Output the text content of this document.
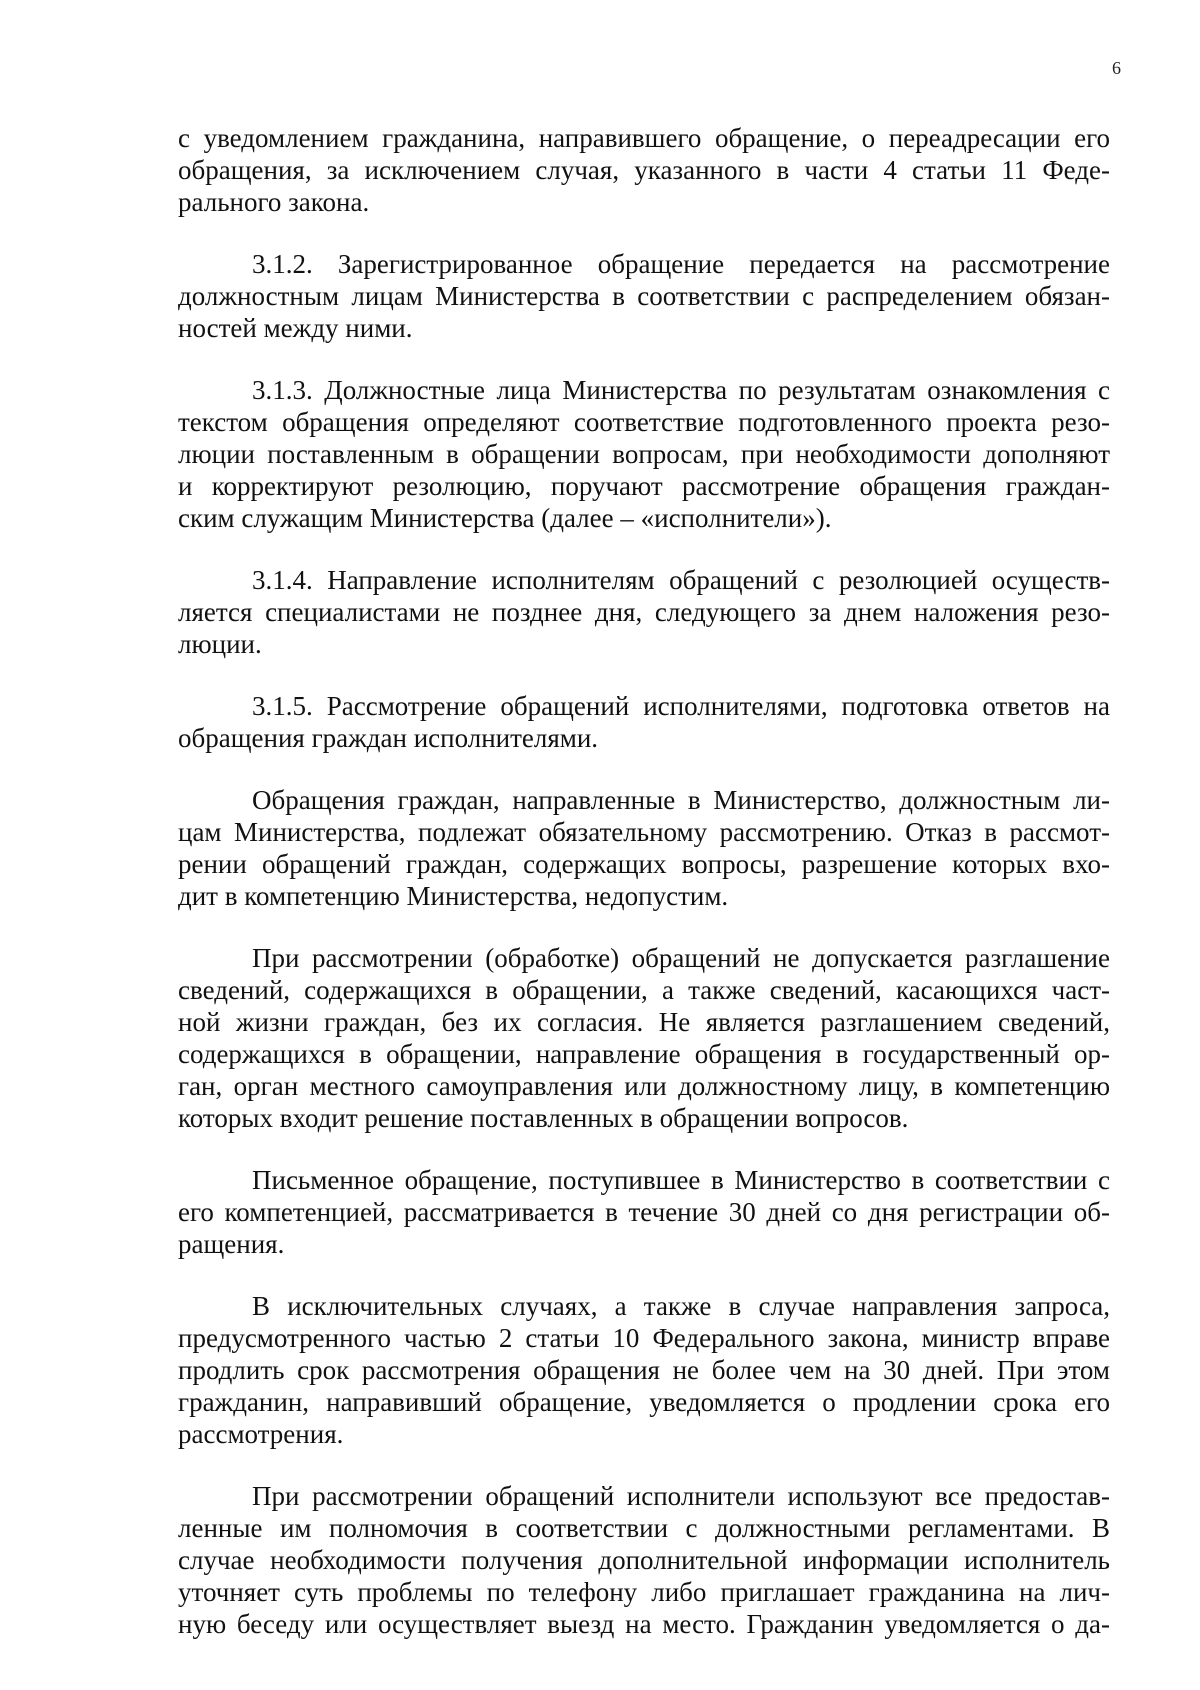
6
с уведомлением гражданина, направившего обращение, о переадресации его
обращения, за исключением случая, указанного в части 4 статьи 11 Феде-
рального закона.
3.1.2. Зарегистрированное обращение передается на рассмотрение
должностным лицам Министерства в соответствии с распределением обязан-
ностей между ними.
3.1.3. Должностные лица Министерства по результатам ознакомления с
текстом обращения определяют соответствие подготовленного проекта резо-
люции поставленным в обращении вопросам, при необходимости дополняют
и корректируют резолюцию, поручают рассмотрение обращения граждан-
ским служащим Министерства (далее – «исполнители»).
3.1.4. Направление исполнителям обращений с резолюцией осуществ-
ляется специалистами не позднее дня, следующего за днем наложения резо-
люции.
3.1.5. Рассмотрение обращений исполнителями, подготовка ответов на
обращения граждан исполнителями.
Обращения граждан, направленные в Министерство, должностным ли-
цам Министерства, подлежат обязательному рассмотрению. Отказ в рассмот-
рении обращений граждан, содержащих вопросы, разрешение которых вхо-
дит в компетенцию Министерства, недопустим.
При рассмотрении (обработке) обращений не допускается разглашение
сведений, содержащихся в обращении, а также сведений, касающихся част-
ной жизни граждан, без их согласия. Не является разглашением сведений,
содержащихся в обращении, направление обращения в государственный ор-
ган, орган местного самоуправления или должностному лицу, в компетенцию
которых входит решение поставленных в обращении вопросов.
Письменное обращение, поступившее в Министерство в соответствии с
его компетенцией, рассматривается в течение 30 дней со дня регистрации об-
ращения.
В исключительных случаях, а также в случае направления запроса,
предусмотренного частью 2 статьи 10 Федерального закона, министр вправе
продлить срок рассмотрения обращения не более чем на 30 дней. При этом
гражданин, направивший обращение, уведомляется о продлении срока его
рассмотрения.
При рассмотрении обращений исполнители используют все предостав-
ленные им полномочия в соответствии с должностными регламентами. В
случае необходимости получения дополнительной информации исполнитель
уточняет суть проблемы по телефону либо приглашает гражданина на лич-
ную беседу или осуществляет выезд на место. Гражданин уведомляется о да-
